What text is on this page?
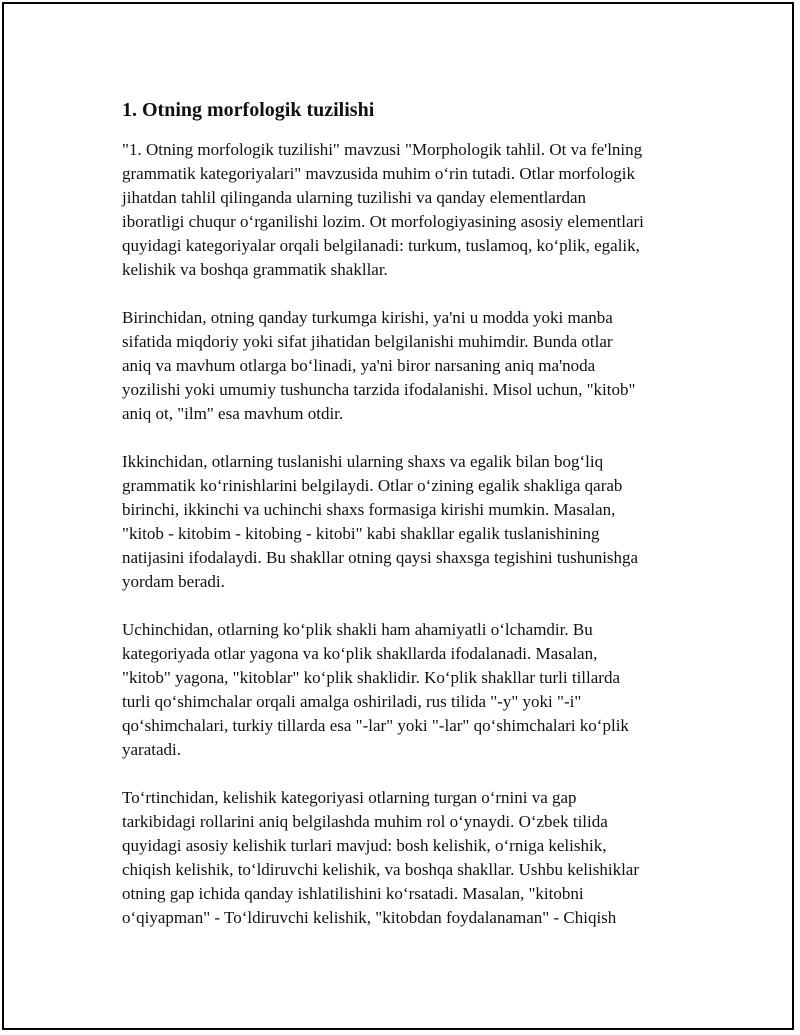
1. Otning morfologik tuzilishi

"1. Otning morfologik tuzilishi" mavzusi "Morphologik tahlil. Ot va fe'lning
grammatik kategoriyalari" mavzusida muhim oʻrin tutadi. Otlar morfologik
jihatdan tahlil qilinganda ularning tuzilishi va qanday elementlardan
iboratligi chuqur oʻrganilishi lozim. Ot morfologiyasining asosiy elementlari
quyidagi kategoriyalar orqali belgilanadi: turkum, tuslamoq, koʻplik, egalik,
kelishik va boshqa grammatik shakllar.

Birinchidan, otning qanday turkumga kirishi, ya'ni u modda yoki manba
sifatida miqdoriy yoki sifat jihatidan belgilanishi muhimdir. Bunda otlar
aniq va mavhum otlarga boʻlinadi, ya'ni biror narsaning aniq ma'noda
yozilishi yoki umumiy tushuncha tarzida ifodalanishi. Misol uchun, "kitob"
aniq ot, "ilm" esa mavhum otdir.

Ikkinchidan, otlarning tuslanishi ularning shaxs va egalik bilan bogʻliq
grammatik koʻrinishlarini belgilaydi. Otlar oʻzining egalik shakliga qarab
birinchi, ikkinchi va uchinchi shaxs formasiga kirishi mumkin. Masalan,
"kitob - kitobim - kitobing - kitobi" kabi shakllar egalik tuslanishining
natijasini ifodalaydi. Bu shakllar otning qaysi shaxsga tegishini tushunishga
yordam beradi.

Uchinchidan, otlarning koʻplik shakli ham ahamiyatli oʻlchamdir. Bu
kategoriyada otlar yagona va koʻplik shakllarda ifodalanadi. Masalan,
"kitob" yagona, "kitoblar" koʻplik shaklidir. Koʻplik shakllar turli tillarda
turli qoʻshimchalar orqali amalga oshiriladi, rus tilida "-y" yoki "-i"
qoʻshimchalari, turkiy tillarda esa "-lar" yoki "-lar" qoʻshimchalari koʻplik
yaratadi.

Toʻrtinchidan, kelishik kategoriyasi otlarning turgan oʻrnini va gap
tarkibidagi rollarini aniq belgilashda muhim rol oʻynaydi. Oʻzbek tilida
quyidagi asosiy kelishik turlari mavjud: bosh kelishik, oʻrniga kelishik,
chiqish kelishik, toʻldiruvchi kelishik, va boshqa shakllar. Ushbu kelishiklar
otning gap ichida qanday ishlatilishini koʻrsatadi. Masalan, "kitobni
oʻqiyapman" - Toʻldiruvchi kelishik, "kitobdan foydalanaman" - Chiqish
